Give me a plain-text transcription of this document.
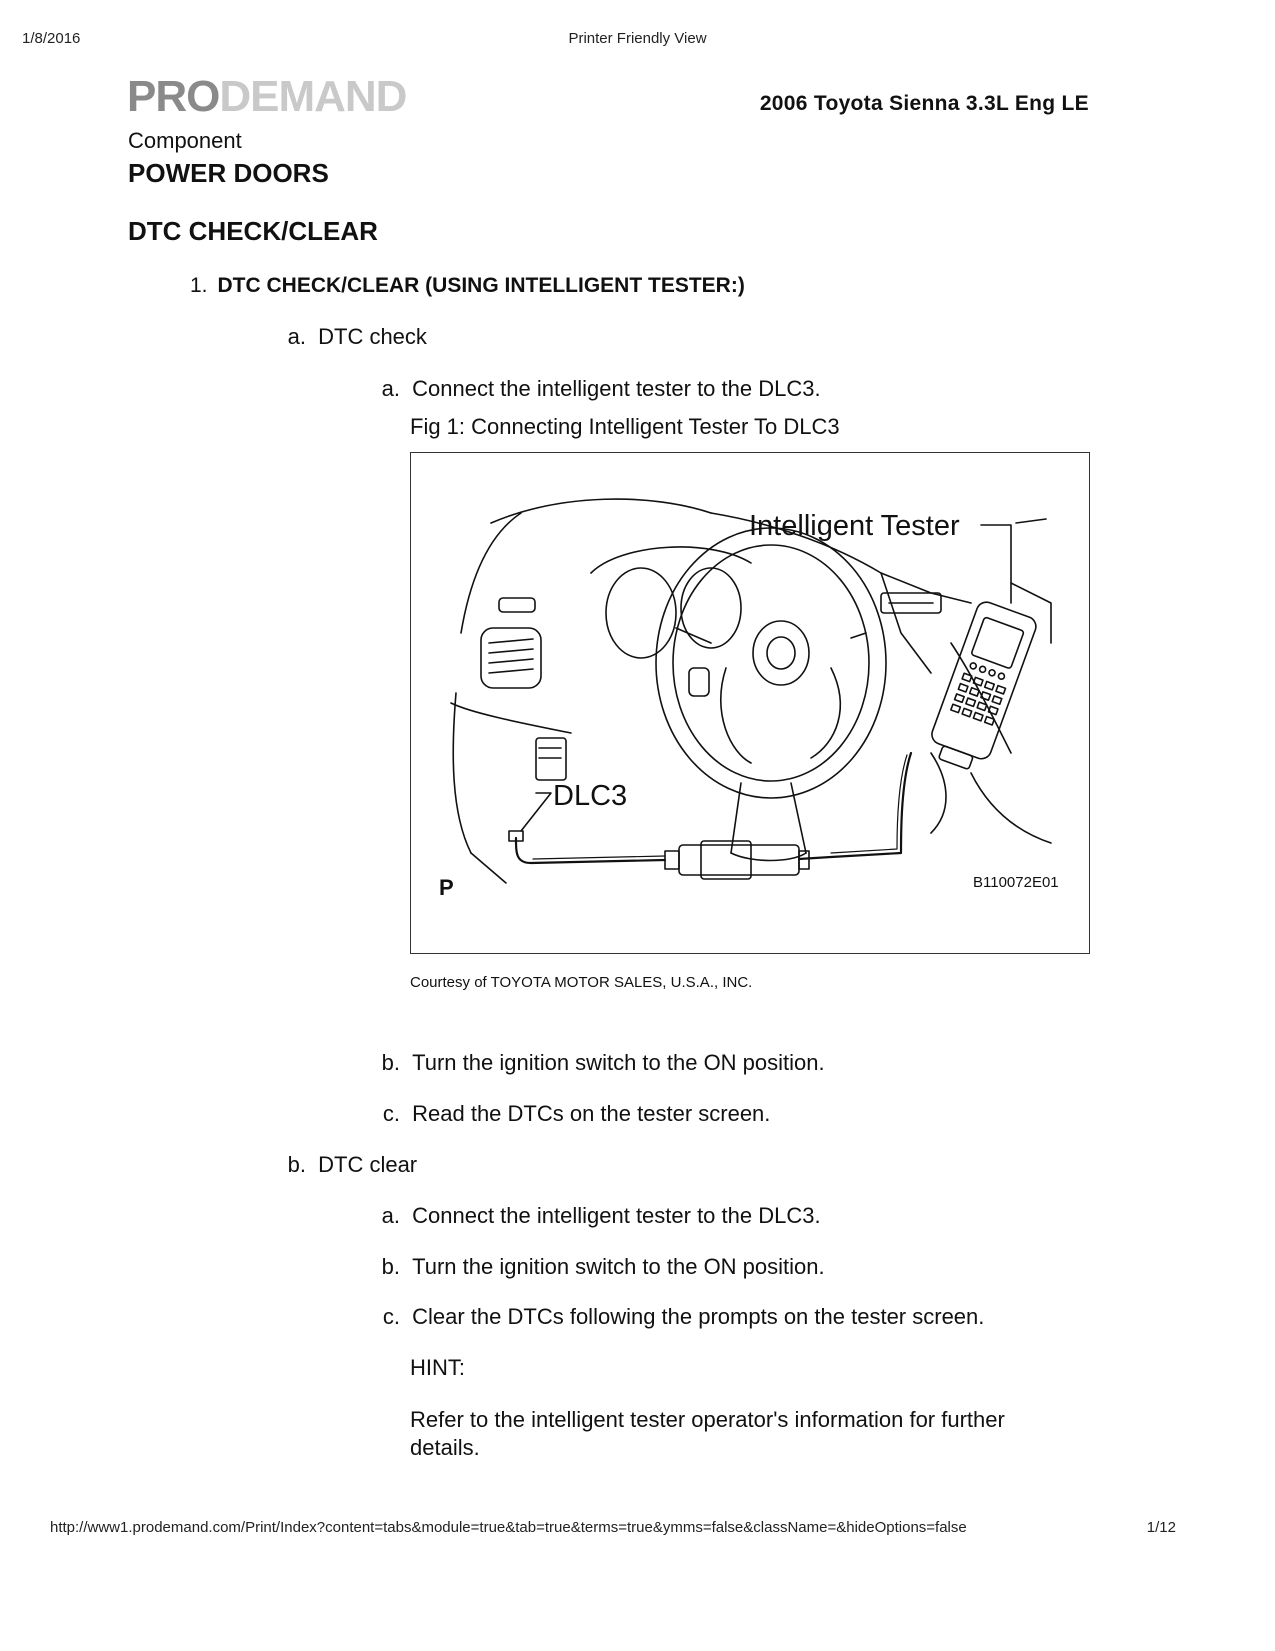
1/8/2016	Printer Friendly View
PRODEMAND	2006 Toyota Sienna 3.3L Eng LE
Component
POWER DOORS
DTC CHECK/CLEAR
1. DTC CHECK/CLEAR (USING INTELLIGENT TESTER:)
a. DTC check
a. Connect the intelligent tester to the DLC3.
Fig 1: Connecting Intelligent Tester To DLC3
Intelligent Tester
DLC3
P	B110072E01
Courtesy of TOYOTA MOTOR SALES, U.S.A., INC.
b. Turn the ignition switch to the ON position.
c. Read the DTCs on the tester screen.
b. DTC clear
a. Connect the intelligent tester to the DLC3.
b. Turn the ignition switch to the ON position.
c. Clear the DTCs following the prompts on the tester screen.
HINT:
Refer to the intelligent tester operator's information for further details.
http://www1.prodemand.com/Print/Index?content=tabs&module=true&tab=true&terms=true&ymms=false&className=&hideOptions=false	1/12
